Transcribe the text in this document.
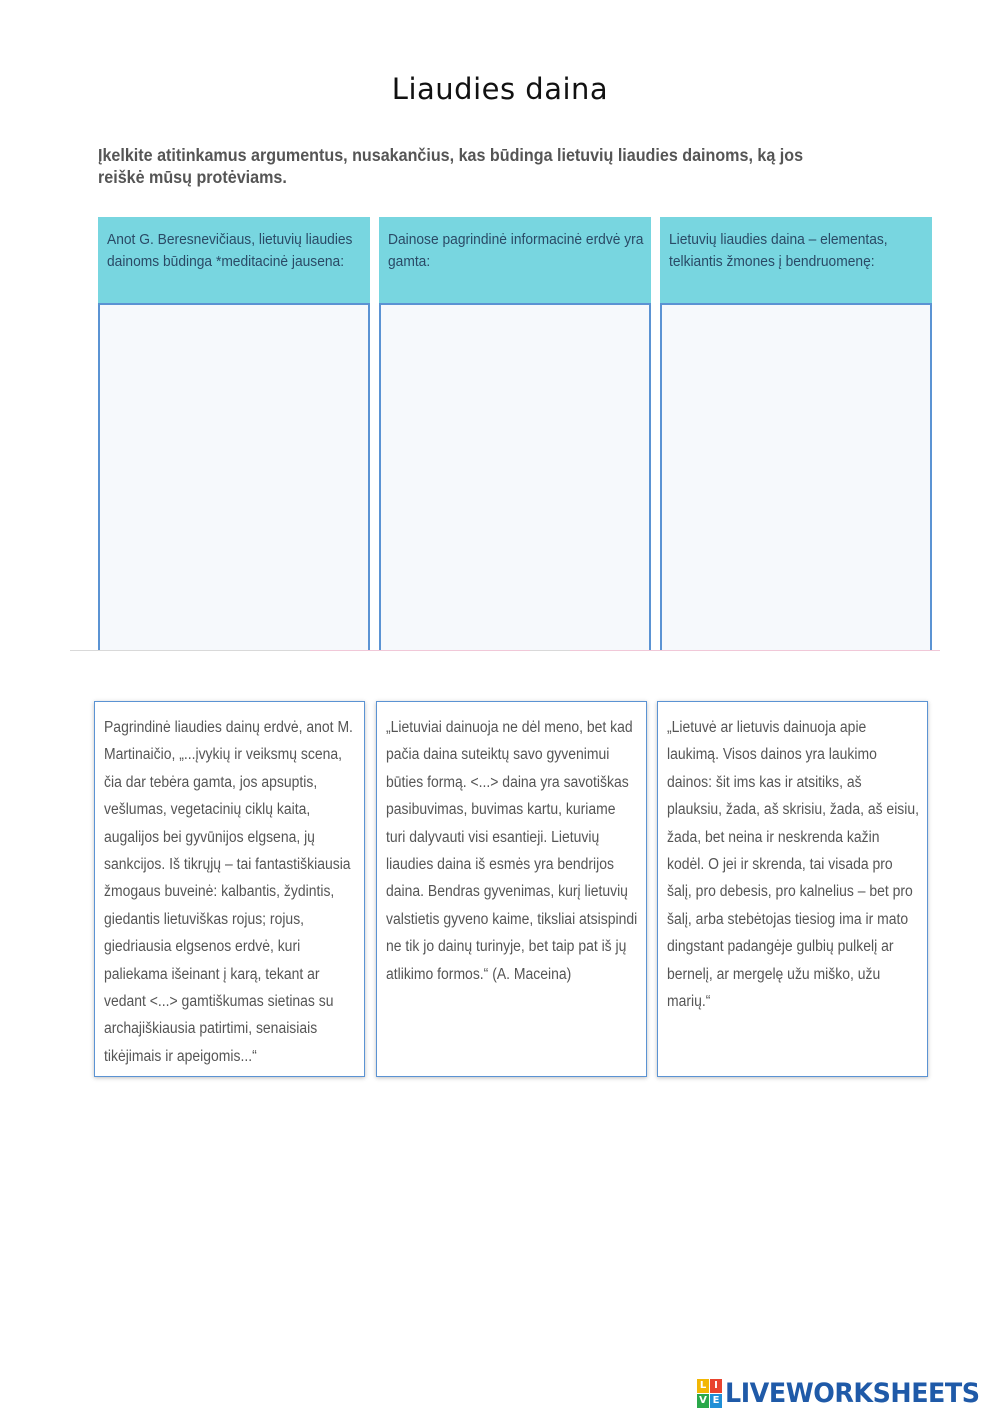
Liaudies daina
Įkelkite atitinkamus argumentus, nusakančius, kas būdinga lietuvių liaudies dainoms, ką jos reiškė mūsų protėviams.
Anot G. Beresnevičiaus, lietuvių liaudies dainoms būdinga *meditacinė jausena:
Dainose pagrindinė informacinė erdvė yra gamta:
Lietuvių liaudies daina – elementas, telkiantis žmones į bendruomenę:
Pagrindinė liaudies dainų erdvė, anot M. Martinaičio, „...įvykių ir veiksmų scena, čia dar tebėra gamta, jos apsuptis, vešlumas, vegetacinių ciklų kaita, augalijos bei gyvūnijos elgsena, jų sankcijos. Iš tikrųjų – tai fantastiškiausia žmogaus buveinė: kalbantis, žydintis, giedantis lietuviškas rojus; rojus, giedriausia elgsenos erdvė, kuri paliekama išeinant į karą, tekant ar vedant <...> gamtiškumas sietinas su archajiškiausia patirtimi, senaisiais tikėjimais ir apeigomis...“
„Lietuviai dainuoja ne dėl meno, bet kad pačia daina suteiktų savo gyvenimui būties formą. <...> daina yra savotiškas pasibuvimas, buvimas kartu, kuriame turi dalyvauti visi esantieji. Lietuvių liaudies daina iš esmės yra bendrijos daina. Bendras gyvenimas, kurį lietuvių valstietis gyveno kaime, tiksliai atsispindi ne tik jo dainų turinyje, bet taip pat iš jų atlikimo formos.“ (A. Maceina)
„Lietuvė ar lietuvis dainuoja apie laukimą. Visos dainos yra laukimo dainos: šit ims kas ir atsitiks, aš plauksiu, žada, aš skrisiu, žada, aš eisiu, žada, bet neina ir neskrenda kažin kodėl. O jei ir skrenda, tai visada pro šalį, pro debesis, pro kalnelius – bet pro šalį, arba stebėtojas tiesiog ima ir mato dingstant padangėje gulbių pulkelį ar bernelį, ar mergelę užu miško, užu marių.“
L I
V E LIVEWORKSHEETS
